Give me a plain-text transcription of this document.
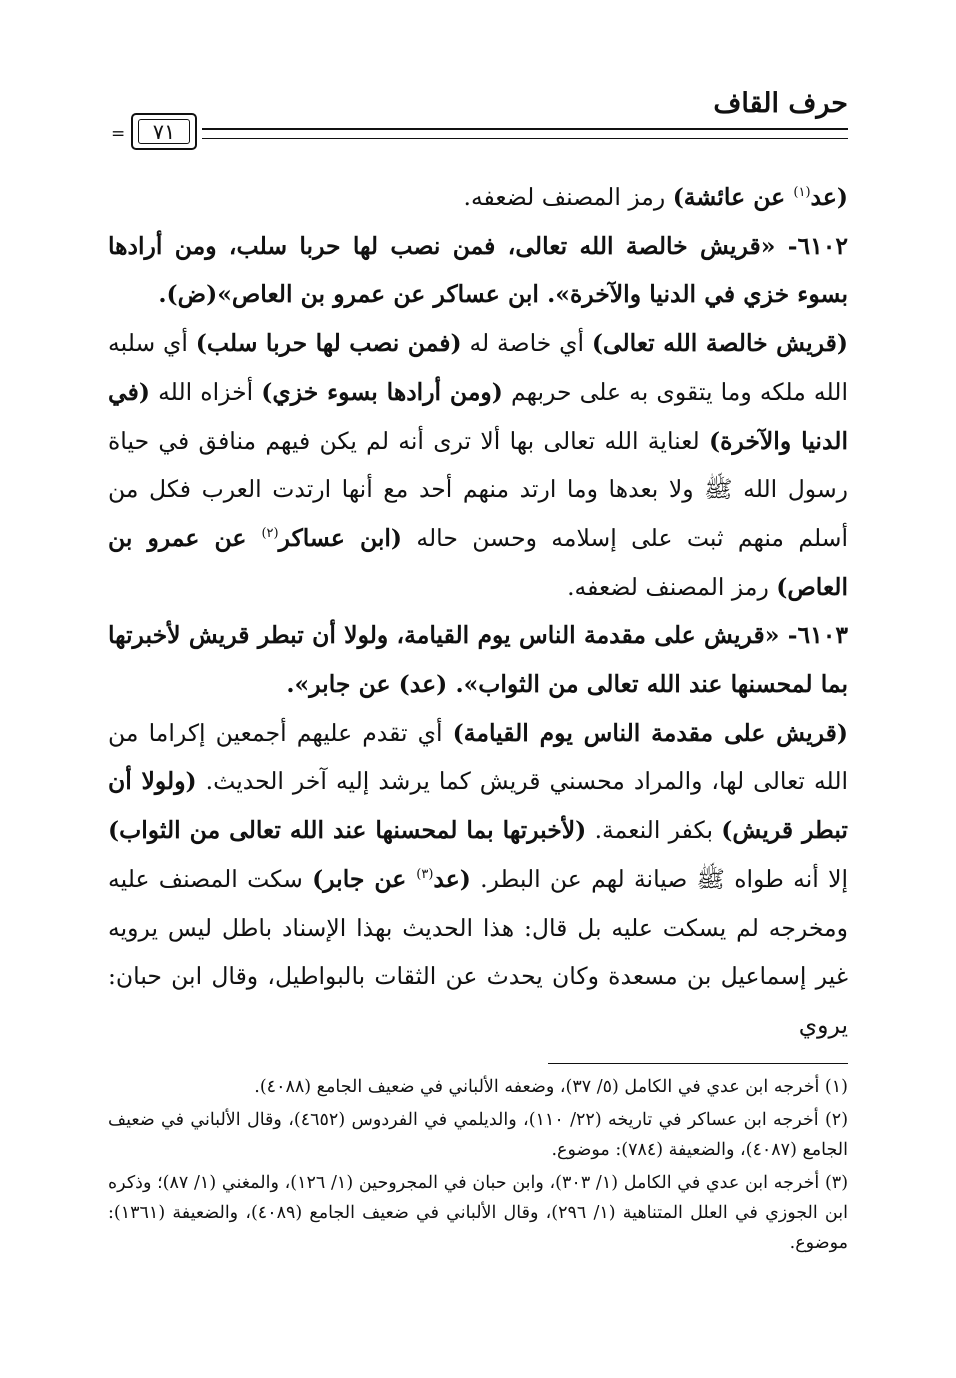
حرف القاف
٧١
=

(عد$^{(١)}$ عن عائشة) رمز المصنف لضعفه.

٦١٠٢- «قريش خالصة الله تعالى، فمن نصب لها حربا سلب، ومن أرادها بسوء خزي في الدنيا والآخرة». ابن عساكر عن عمرو بن العاص»(ض).

(قريش خالصة الله تعالى) أي خاصة له (فمن نصب لها حربا سلب) أي سلبه الله ملكه وما يتقوى به على حربهم (ومن أرادها بسوء خزي) أخزاه الله (في الدنيا والآخرة) لعناية الله تعالى بها ألا ترى أنه لم يكن فيهم منافق في حياة رسول الله ﷺ ولا بعدها وما ارتد منهم أحد مع أنها ارتدت العرب فكل من أسلم منهم ثبت على إسلامه وحسن حاله (ابن عساكر$^{(٢)}$ عن عمرو بن العاص) رمز المصنف لضعفه.

٦١٠٣- «قريش على مقدمة الناس يوم القيامة، ولولا أن تبطر قريش لأخبرتها بما لمحسنها عند الله تعالى من الثواب». (عد) عن جابر».

(قريش على مقدمة الناس يوم القيامة) أي تقدم عليهم أجمعين إكراما من الله تعالى لها، والمراد محسني قريش كما يرشد إليه آخر الحديث. (ولولا أن تبطر قريش) بكفر النعمة. (لأخبرتها بما لمحسنها عند الله تعالى من الثواب) إلا أنه طواه ﷺ صيانة لهم عن البطر. (عد$^{(٣)}$ عن جابر) سكت المصنف عليه ومخرجه لم يسكت عليه بل قال: هذا الحديث بهذا الإسناد باطل ليس يرويه غير إسماعيل بن مسعدة وكان يحدث عن الثقات بالبواطيل، وقال ابن حبان: يروي

(١) أخرجه ابن عدي في الكامل (٥/ ٣٧)، وضعفه الألباني في ضعيف الجامع (٤٠٨٨).

(٢) أخرجه ابن عساكر في تاريخه (٢٢/ ١١٠)، والديلمي في الفردوس (٤٦٥٢)، وقال الألباني في ضعيف الجامع (٤٠٨٧)، والضعيفة (٧٨٤): موضوع.

(٣) أخرجه ابن عدي في الكامل (١/ ٣٠٣)، وابن حبان في المجروحين (١/ ١٢٦)، والمغني (١/ ٨٧)؛ وذكره ابن الجوزي في العلل المتناهية (١/ ٢٩٦)، وقال الألباني في ضعيف الجامع (٤٠٨٩)، والضعيفة (١٣٦١): موضوع.
